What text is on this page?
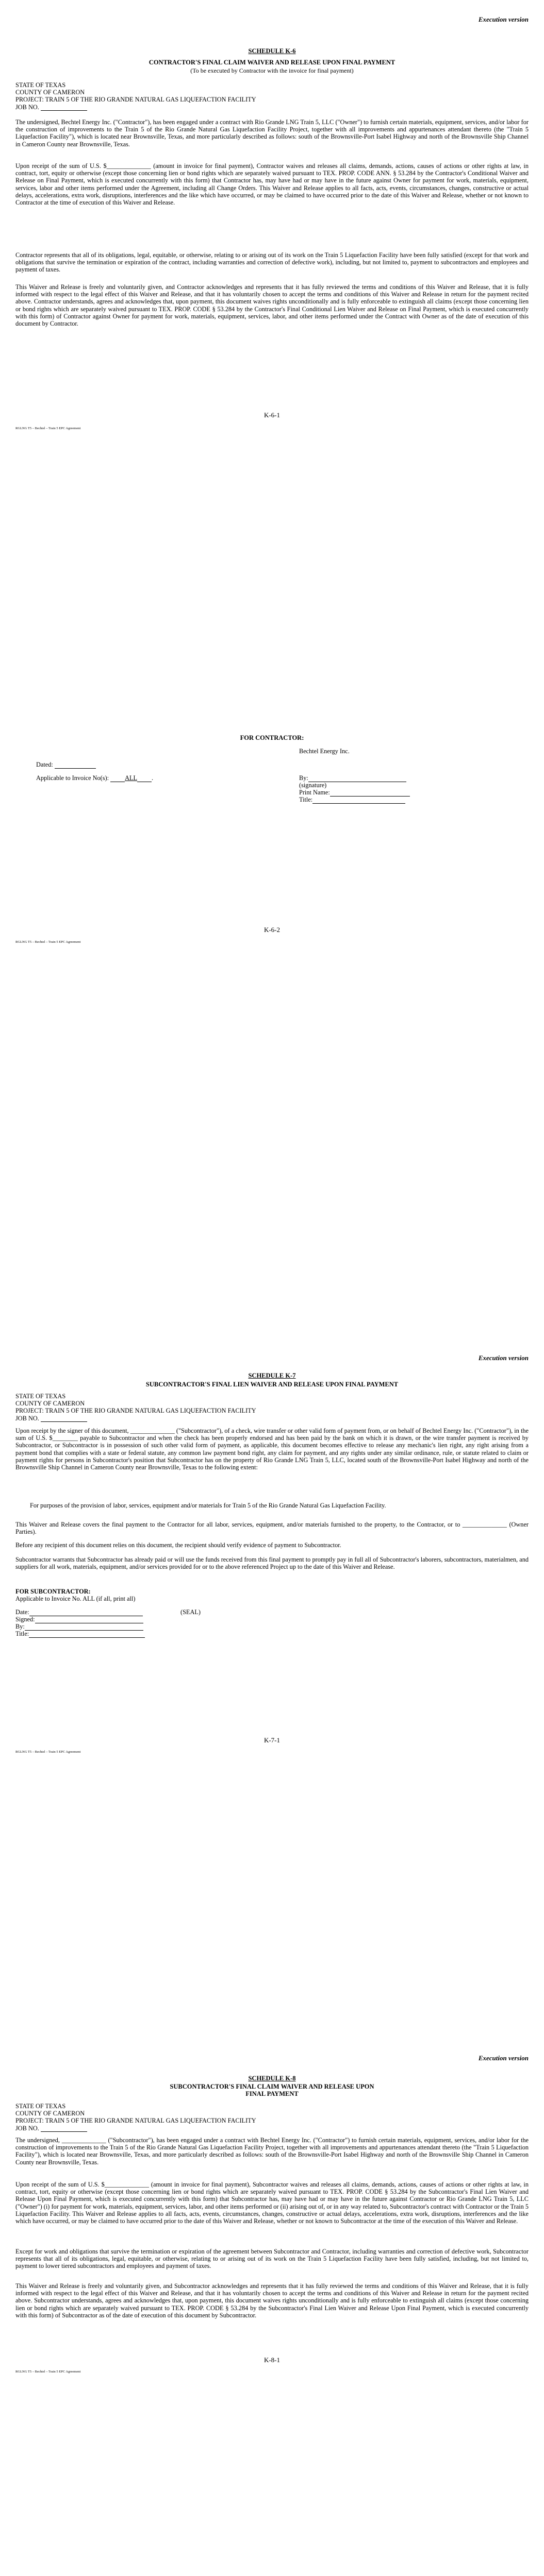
Execution version
SCHEDULE K-6
CONTRACTOR'S FINAL CLAIM WAIVER AND RELEASE UPON FINAL PAYMENT
(To be executed by Contractor with the invoice for final payment)
STATE OF TEXAS
COUNTY OF CAMERON
PROJECT: TRAIN 5 OF THE RIO GRANDE NATURAL GAS LIQUEFACTION FACILITY
JOB NO.
The undersigned, Bechtel Energy Inc. ("Contractor"), has been engaged under a contract with Rio Grande LNG Train 5, LLC ("Owner") to furnish certain materials, equipment, services, and/or labor for the construction of improvements to the Train 5 of the Rio Grande Natural Gas Liquefaction Facility Project, together with all improvements and appurtenances attendant thereto (the "Train 5 Liquefaction Facility"), which is located near Brownsville, Texas, and more particularly described as follows: south of the Brownsville-Port Isabel Highway and north of the Brownsville Ship Channel in Cameron County near Brownsville, Texas.
Upon receipt of the sum of U.S. $______________ (amount in invoice for final payment), Contractor waives and releases all claims, demands, actions, causes of actions or other rights at law, in contract, tort, equity or otherwise (except those concerning lien or bond rights which are separately waived pursuant to TEX. PROP. CODE ANN. § 53.284 by the Contractor's Conditional Waiver and Release on Final Payment, which is executed concurrently with this form) that Contractor has, may have had or may have in the future against Owner for payment for work, materials, equipment, services, labor and other items performed under the Agreement, including all Change Orders. This Waiver and Release applies to all facts, acts, events, circumstances, changes, constructive or actual delays, accelerations, extra work, disruptions, interferences and the like which have occurred, or may be claimed to have occurred prior to the date of this Waiver and Release, whether or not known to Contractor at the time of execution of this Waiver and Release.
Contractor represents that all of its obligations, legal, equitable, or otherwise, relating to or arising out of its work on the Train 5 Liquefaction Facility have been fully satisfied (except for that work and obligations that survive the termination or expiration of the contract, including warranties and correction of defective work), including, but not limited to, payment to subcontractors and employees and payment of taxes.
This Waiver and Release is freely and voluntarily given, and Contractor acknowledges and represents that it has fully reviewed the terms and conditions of this Waiver and Release, that it is fully informed with respect to the legal effect of this Waiver and Release, and that it has voluntarily chosen to accept the terms and conditions of this Waiver and Release in return for the payment recited above. Contractor understands, agrees and acknowledges that, upon payment, this document waives rights unconditionally and is fully enforceable to extinguish all claims (except those concerning lien or bond rights which are separately waived pursuant to TEX. PROP. CODE § 53.284 by the Contractor's Final Conditional Lien Waiver and Release on Final Payment, which is executed concurrently with this form) of Contractor against Owner for payment for work, materials, equipment, services, labor, and other items performed under the Contract with Owner as of the date of execution of this document by Contractor.
K-6-1
RGLNG T5 – Bechtel – Train 5 EPC Agreement
FOR CONTRACTOR:
Bechtel Energy Inc.
Dated:
Applicable to Invoice No(s):	ALL .	By:
(signature)
Print Name:
Title:
K-6-2
RGLNG T5 – Bechtel – Train 5 EPC Agreement
Execution version
SCHEDULE K-7
SUBCONTRACTOR'S FINAL LIEN WAIVER AND RELEASE UPON FINAL PAYMENT
STATE OF TEXAS
COUNTY OF CAMERON
PROJECT: TRAIN 5 OF THE RIO GRANDE NATURAL GAS LIQUEFACTION FACILITY
JOB NO.
Upon receipt by the signer of this document, ______________ ("Subcontractor"), of a check, wire transfer or other valid form of payment from, or on behalf of Bechtel Energy Inc. ("Contractor"), in the sum of U.S. $________ payable to Subcontractor and when the check has been properly endorsed and has been paid by the bank on which it is drawn, or the wire transfer payment is received by Subcontractor, or Subcontractor is in possession of such other valid form of payment, as applicable, this document becomes effective to release any mechanic's lien right, any right arising from a payment bond that complies with a state or federal statute, any common law payment bond right, any claim for payment, and any rights under any similar ordinance, rule, or statute related to claim or payment rights for persons in Subcontractor's position that Subcontractor has on the property of Rio Grande LNG Train 5, LLC, located south of the Brownsville-Port Isabel Highway and north of the Brownsville Ship Channel in Cameron County near Brownsville, Texas to the following extent:
For purposes of the provision of labor, services, equipment and/or materials for Train 5 of the Rio Grande Natural Gas Liquefaction Facility.
This Waiver and Release covers the final payment to the Contractor for all labor, services, equipment, and/or materials furnished to the property, to the Contractor, or to ______________ (Owner Parties).
Before any recipient of this document relies on this document, the recipient should verify evidence of payment to Subcontractor.
Subcontractor warrants that Subcontractor has already paid or will use the funds received from this final payment to promptly pay in full all of Subcontractor's laborers, subcontractors, materialmen, and suppliers for all work, materials, equipment, and/or services provided for or to the above referenced Project up to the date of this Waiver and Release.
FOR SUBCONTRACTOR:
Applicable to Invoice No. ALL (if all, print all)
Date:	(SEAL)
Signed:
By:
Title:
K-7-1
RGLNG T5 – Bechtel – Train 5 EPC Agreement
Execution version
SCHEDULE K-8
SUBCONTRACTOR'S FINAL CLAIM WAIVER AND RELEASE UPON
FINAL PAYMENT
STATE OF TEXAS
COUNTY OF CAMERON
PROJECT: TRAIN 5 OF THE RIO GRANDE NATURAL GAS LIQUEFACTION FACILITY
JOB NO.
The undersigned, ______________ ("Subcontractor"), has been engaged under a contract with Bechtel Energy Inc. ("Contractor") to furnish certain materials, equipment, services, and/or labor for the construction of improvements to the Train 5 of the Rio Grande Natural Gas Liquefaction Facility Project, together with all improvements and appurtenances attendant thereto (the "Train 5 Liquefaction Facility"), which is located near Brownsville, Texas, and more particularly described as follows: south of the Brownsville-Port Isabel Highway and north of the Brownsville Ship Channel in Cameron County near Brownsville, Texas.
Upon receipt of the sum of U.S. $______________ (amount in invoice for final payment), Subcontractor waives and releases all claims, demands, actions, causes of actions or other rights at law, in contract, tort, equity or otherwise (except those concerning lien or bond rights which are separately waived pursuant to TEX. PROP. CODE § 53.284 by the Subcontractor's Final Lien Waiver and Release Upon Final Payment, which is executed concurrently with this form) that Subcontractor has, may have had or may have in the future against Contractor or Rio Grande LNG Train 5, LLC ("Owner") (i) for payment for work, materials, equipment, services, labor, and other items performed or (ii) arising out of, or in any way related to, Subcontractor's contract with Contractor or the Train 5 Liquefaction Facility. This Waiver and Release applies to all facts, acts, events, circumstances, changes, constructive or actual delays, accelerations, extra work, disruptions, interferences and the like which have occurred, or may be claimed to have occurred prior to the date of this Waiver and Release, whether or not known to Subcontractor at the time of the execution of this Waiver and Release.
Except for work and obligations that survive the termination or expiration of the agreement between Subcontractor and Contractor, including warranties and correction of defective work, Subcontractor represents that all of its obligations, legal, equitable, or otherwise, relating to or arising out of its work on the Train 5 Liquefaction Facility have been fully satisfied, including, but not limited to, payment to lower tiered subcontractors and employees and payment of taxes.
This Waiver and Release is freely and voluntarily given, and Subcontractor acknowledges and represents that it has fully reviewed the terms and conditions of this Waiver and Release, that it is fully informed with respect to the legal effect of this Waiver and Release, and that it has voluntarily chosen to accept the terms and conditions of this Waiver and Release in return for the payment recited above. Subcontractor understands, agrees and acknowledges that, upon payment, this document waives rights unconditionally and is fully enforceable to extinguish all claims (except those concerning lien or bond rights which are separately waived pursuant to TEX. PROP. CODE § 53.284 by the Subcontractor's Final Lien Waiver and Release Upon Final Payment, which is executed concurrently with this form) of Subcontractor as of the date of execution of this document by Subcontractor.
K-8-1
RGLNG T5 – Bechtel – Train 5 EPC Agreement
